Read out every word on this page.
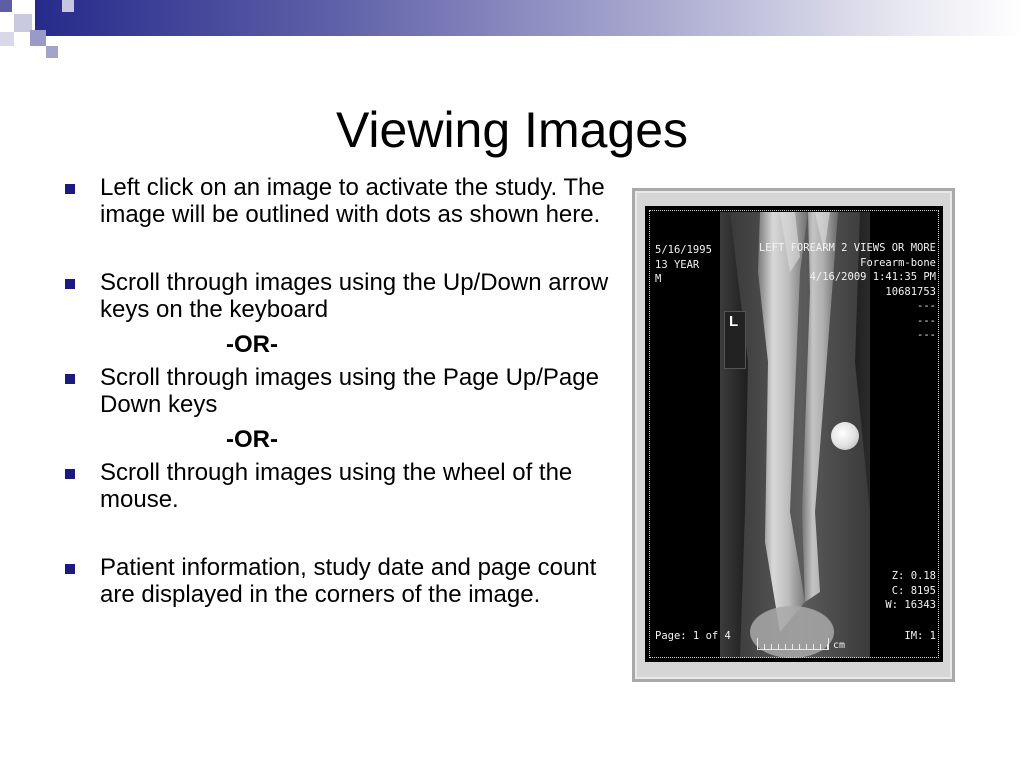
Viewing Images
Left click on an image to activate the study. The image will be outlined with dots as shown here.
Scroll through images using the Up/Down arrow keys on the keyboard
-OR-
Scroll through images using the Page Up/Page Down keys
-OR-
Scroll through images using the wheel of the mouse.
Patient information, study date and page count are displayed in the corners of the image.
L
5/16/1995
13 YEAR
M
LEFT FOREARM 2 VIEWS OR MORE
Forearm-bone
4/16/2009 1:41:35 PM
10681753
---
---
---
Z: 0.18
C: 8195
W: 16343
Page: 1 of 4	IM: 1
cm
